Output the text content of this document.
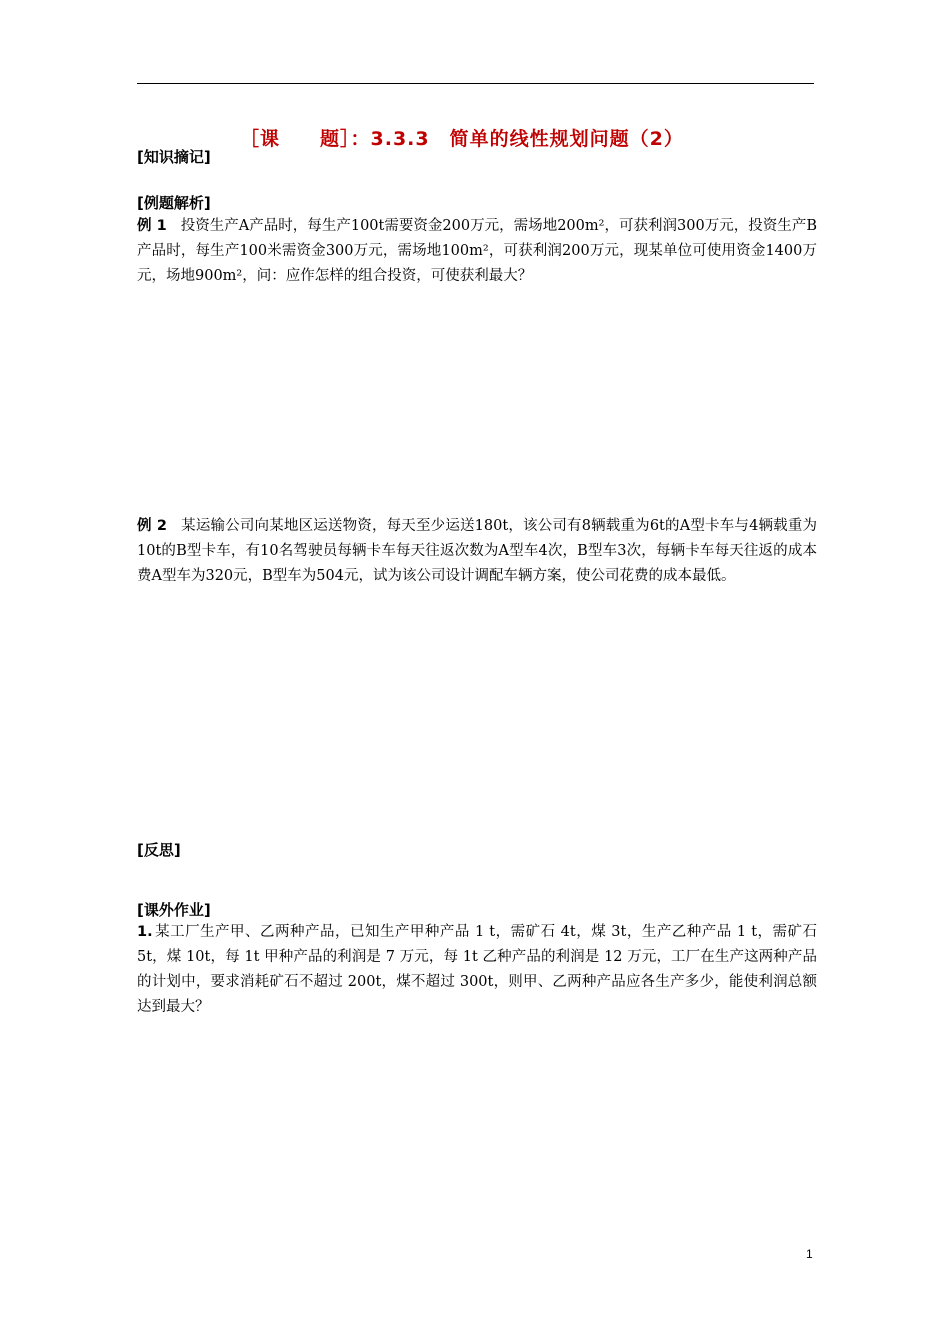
［课　　题］：3.3.3　简单的线性规划问题（2）
[知识摘记]
[例题解析]
例 1 投资生产A产品时，每生产100t需要资金200万元，需场地200m²，可获利润300万元，投资生产B产品时，每生产100米需资金300万元，需场地100m²，可获利润200万元，现某单位可使用资金1400万元，场地900m²，问：应作怎样的组合投资，可使获利最大？
例 2 某运输公司向某地区运送物资，每天至少运送180t，该公司有8辆载重为6t的A型卡车与4辆载重为10t的B型卡车，有10名驾驶员每辆卡车每天往返次数为A型车4次，B型车3次，每辆卡车每天往返的成本费A型车为320元，B型车为504元，试为该公司设计调配车辆方案，使公司花费的成本最低。
[反思]
[课外作业]
1. 某工厂生产甲、乙两种产品，已知生产甲种产品 1 t，需矿石 4t，煤 3t，生产乙种产品 1 t，需矿石 5t，煤 10t，每 1t 甲种产品的利润是 7 万元，每 1t 乙种产品的利润是 12 万元，工厂在生产这两种产品的计划中，要求消耗矿石不超过 200t，煤不超过 300t，则甲、乙两种产品应各生产多少，能使利润总额达到最大？
1
